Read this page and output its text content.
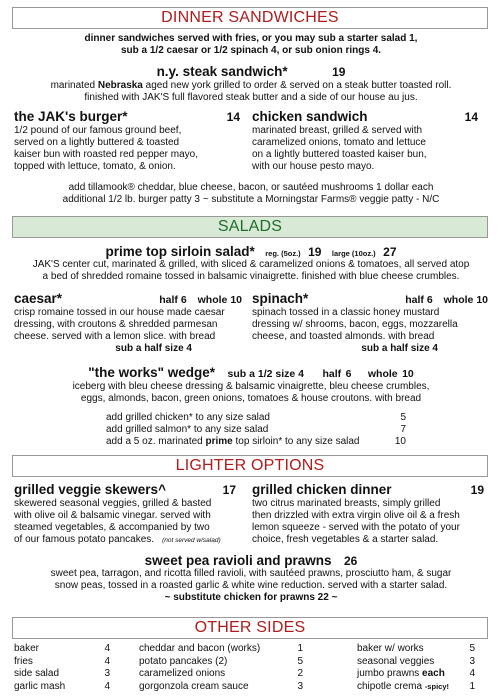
DINNER SANDWICHES
dinner sandwiches served with fries, or you may sub a starter salad 1,
sub a 1/2 caesar or 1/2 spinach 4, or sub onion rings 4.
n.y. steak sandwich*	19
marinated Nebraska aged new york grilled to order & served on a steak butter toasted roll.
finished with JAK'S full flavored steak butter and a side of our house au jus.
the JAK's burger*	14
1/2 pound of our famous ground beef,
served on a lightly buttered & toasted
kaiser bun with roasted red pepper mayo,
topped with lettuce, tomato, & onion.
chicken sandwich	14
marinated breast, grilled & served with
caramelized onions, tomato and lettuce
on a lightly buttered toasted kaiser bun,
with our house pesto mayo.
add tillamook® cheddar, blue cheese, bacon, or sautéed mushrooms 1 dollar each
additional 1/2 lb. burger patty 3 ~ substitute a Morningstar Farms® veggie patty - N/C
SALADS
prime top sirloin salad* reg. (5oz.) 19 large (10oz.) 27
JAK'S center cut, marinated & grilled, with sliced & caramelized onions & tomatoes, all served atop
a bed of shredded romaine tossed in balsamic vinaigrette. finished with blue cheese crumbles.
caesar*	half 6 whole 10
crisp romaine tossed in our house made caesar
dressing, with croutons & shredded parmesan
cheese. served with a lemon slice. with bread
sub a half size 4
spinach*	half 6 whole 10
spinach tossed in a classic honey mustard
dressing w/ shrooms, bacon, eggs, mozzarella
cheese, and toasted almonds. with bread
sub a half size 4
"the works" wedge* sub a 1/2 size 4 half 6 whole 10
iceberg with bleu cheese dressing & balsamic vinaigrette, bleu cheese crumbles,
eggs, almonds, bacon, green onions, tomatoes & house croutons. with bread
add grilled chicken* to any size salad	5
add grilled salmon* to any size salad	7
add a 5 oz. marinated prime top sirloin* to any size salad	10
LIGHTER OPTIONS
grilled veggie skewers^	17
skewered seasonal veggies, grilled & basted
with olive oil & balsamic vinegar. served with
steamed vegetables, & accompanied by two
of our famous potato pancakes. (not served w/salad)
grilled chicken dinner	19
two citrus marinated breasts, simply grilled
then drizzled with extra virgin olive oil & a fresh
lemon squeeze - served with the potato of your
choice, fresh vegetables & a starter salad.
sweet pea ravioli and prawns 26
sweet pea, tarragon, and ricotta filled ravioli, with sautéed prawns, prosciutto ham, & sugar
snow peas, tossed in a roasted garlic & white wine reduction. served with a starter salad.
~ substitute chicken for prawns 22 ~
OTHER SIDES
baker	4
fries	4
side salad	3
garlic mash	4
cheddar and bacon (works)	1
potato pancakes (2)	5
caramelized onions	2
gorgonzola cream sauce	3
baker w/ works	5
seasonal veggies	3
jumbo prawns each 4
chipotle crema -spicy! 1
